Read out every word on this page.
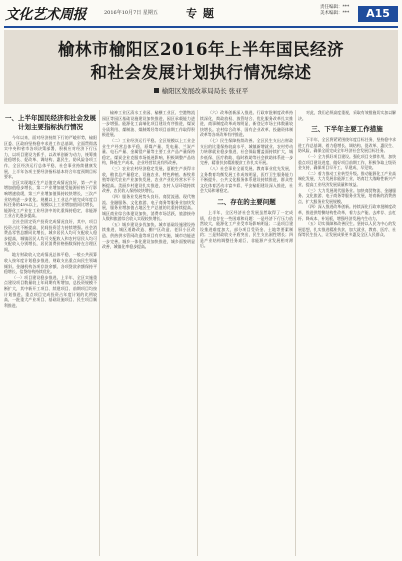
文化艺术周报	2016年10月7日 星期五	专 题	责任编辑：***
美术编辑：***	A15
榆林市榆阳区2016年上半年国民经济
和社会发展计划执行情况综述
榆阳区发展改革局局长 张亚平
一、上半年国民经济和社会发展计划主要指标执行情况

今年以来，面对经济持续下行的严峻形势，榆阳区委、区政府坚持稳中求进工作总基调，全面贯彻落实中央和省市各项决策部署，积极应对经济下行压力，以项目建设为抓手，以改革创新为动力，统筹推进稳增长、促改革、调结构、惠民生、防风险各项工作，全区经济运行总体平稳，社会事业持续健康发展，上半年各项主要经济指标基本符合年度预期目标要求。

全区实现地区生产总值完成情况良好，第一产业增加值稳步增长，第二产业增加值受能源价格下行影响增速放缓，第三产业增加值保持较快增长，三次产业结构进一步优化。规模以上工业总产值完成年度目标任务的45%以上，规模以上工业增加值同比增长，能源化工产业在工业经济中的比重保持稳定，非能源工业占比逐步提高。

全社会固定资产投资完成情况良好，其中，项目投资占比不断提高，民间投资活力持续增强。社会消费品零售总额同比增长，城乡居民人均可支配收入稳步提高，城镇居民人均可支配收入和农村居民人均可支配收入分别增长，居民消费价格指数保持在合理区间。

地方财政收入完成情况总体平稳，一般公共预算收入按年度计划稳步推进，财政支出重点向民生领域倾斜。金融机构各项存款余额、各项贷款余额保持平稳增长，信贷结构持续优化。

（一）项目建设稳步推进。上半年，全区实施重点建设项目数量较上年同期有所增加，总投资规模不断扩大，其中新开工项目、续建项目、前期项目均按计划推进。重点项目完成投资占年度计划的比例较高，一批重大产业项目、基础设施项目、民生项目顺利推进。

榆神工业区清水工业园、榆横工业区、空港物流园区等园区基础设施建设加快推进，园区承载能力进一步增强。能源化工高端化项目建设有序推进，煤炭分质利用、煤制油、煤制烯烃等项目前期工作取得积极进展。

（二）工业经济运行平稳。全区规模以上工业企业生产经营总体平稳，原煤产量、发电量、兰炭产量、电石产量、金属镁产量等主要工业产品产量保持稳定。煤炭企业克服市场低迷影响，积极调整产品结构，降低生产成本，企业经营状况有所改善。

（三）农业农村经济稳定发展。夏粮生产获得丰收，粮食总产量稳定，设施农业、特色种植、畜牧养殖等现代农业产业加快发展，农业产业化经营水平不断提高。美丽乡村建设扎实推进，农村人居环境持续改善，农民收入保持较快增长。

（四）服务业发展势头良好。商贸流通、现代物流、金融服务、文化旅游、电子商务等服务业加快发展，服务业增加值占地区生产总值的比重持续提高。城区商业综合体建设加快，消费市场活跃，旅游接待人数和旅游综合收入实现较快增长。

（五）城乡建设步伐加快。城市基础设施建设持续推进，城区道路改造、棚户区改造、老旧小区改造、供热供水管网改造等项目有序实施，城市功能进一步完善。城乡一体化建设加快推进，城乡面貌明显改善，城镇化率稳步提高。

（六）改革创新深入推进。行政审批制度改革持续深化，简政放权、放管结合、优化服务改革扎实推进，商事制度改革成效明显，新登记市场主体数量较快增长。农村综合改革、国有企业改革、投融资体制改革等各项改革有序推进。

（七）民生保障持续改善。全区民生支出占财政支出的比重保持较高水平，城镇新增就业、农村劳动力转移就业稳步推进，社会保险覆盖面持续扩大，城乡低保、医疗救助、临时救助等社会救助体系进一步完善，精准扶贫精准脱贫工作扎实开展。

（八）社会事业全面发展。教育事业优先发展，义务教育均衡发展工作成效明显，医疗卫生服务能力不断提升，公共文化服务体系建设持续推进，群众性文化体育活动丰富多彩，平安榆阳建设深入推进，社会大局和谐稳定。

二、存在的主要问题

上半年，全区经济社会发展虽然取得了一定成绩，但也存在一些困难和问题：一是经济下行压力依然较大，能源化工产业受市场影响明显；二是项目建设推进难度加大，部分项目受资金、土地等要素制约；三是财政收支矛盾突出，民生支出刚性增长；四是产业结构调整任务艰巨，非能源产业发展相对滞后。

对此，我们必须高度重视，采取有效措施切实加以解决。

三、下半年主要工作措施

下半年，全区将紧紧围绕年度目标任务，坚持稳中求进工作总基调，着力稳增长、调结构、促改革、惠民生、防风险，确保全面完成全年经济社会发展目标任务。

（一）全力抓好项目建设。强化项目支撑作用，加快重点项目建设进度，做好项目前期工作，积极争取上级资金支持，确保项目早开工、早建成、早见效。

（二）着力推动工业转型升级。推动能源化工产业高端化发展，大力发展非能源工业，培育壮大战略性新兴产业，提高工业经济发展质量和效益。

（三）大力发展现代服务业。加快商贸物流、金融服务、文化旅游、电子商务等服务业发展，培育新的消费热点，扩大服务业发展规模。

（四）深入推进改革创新。持续深化行政审批制度改革，推进供给侧结构性改革，着力去产能、去库存、去杠杆、降成本、补短板，增强经济发展内生动力。

（五）切实保障和改善民生。坚持以人民为中心的发展思想，扎实推进精准扶贫，加大就业、教育、医疗、社保等民生投入，让发展成果更多惠及全区人民群众。
